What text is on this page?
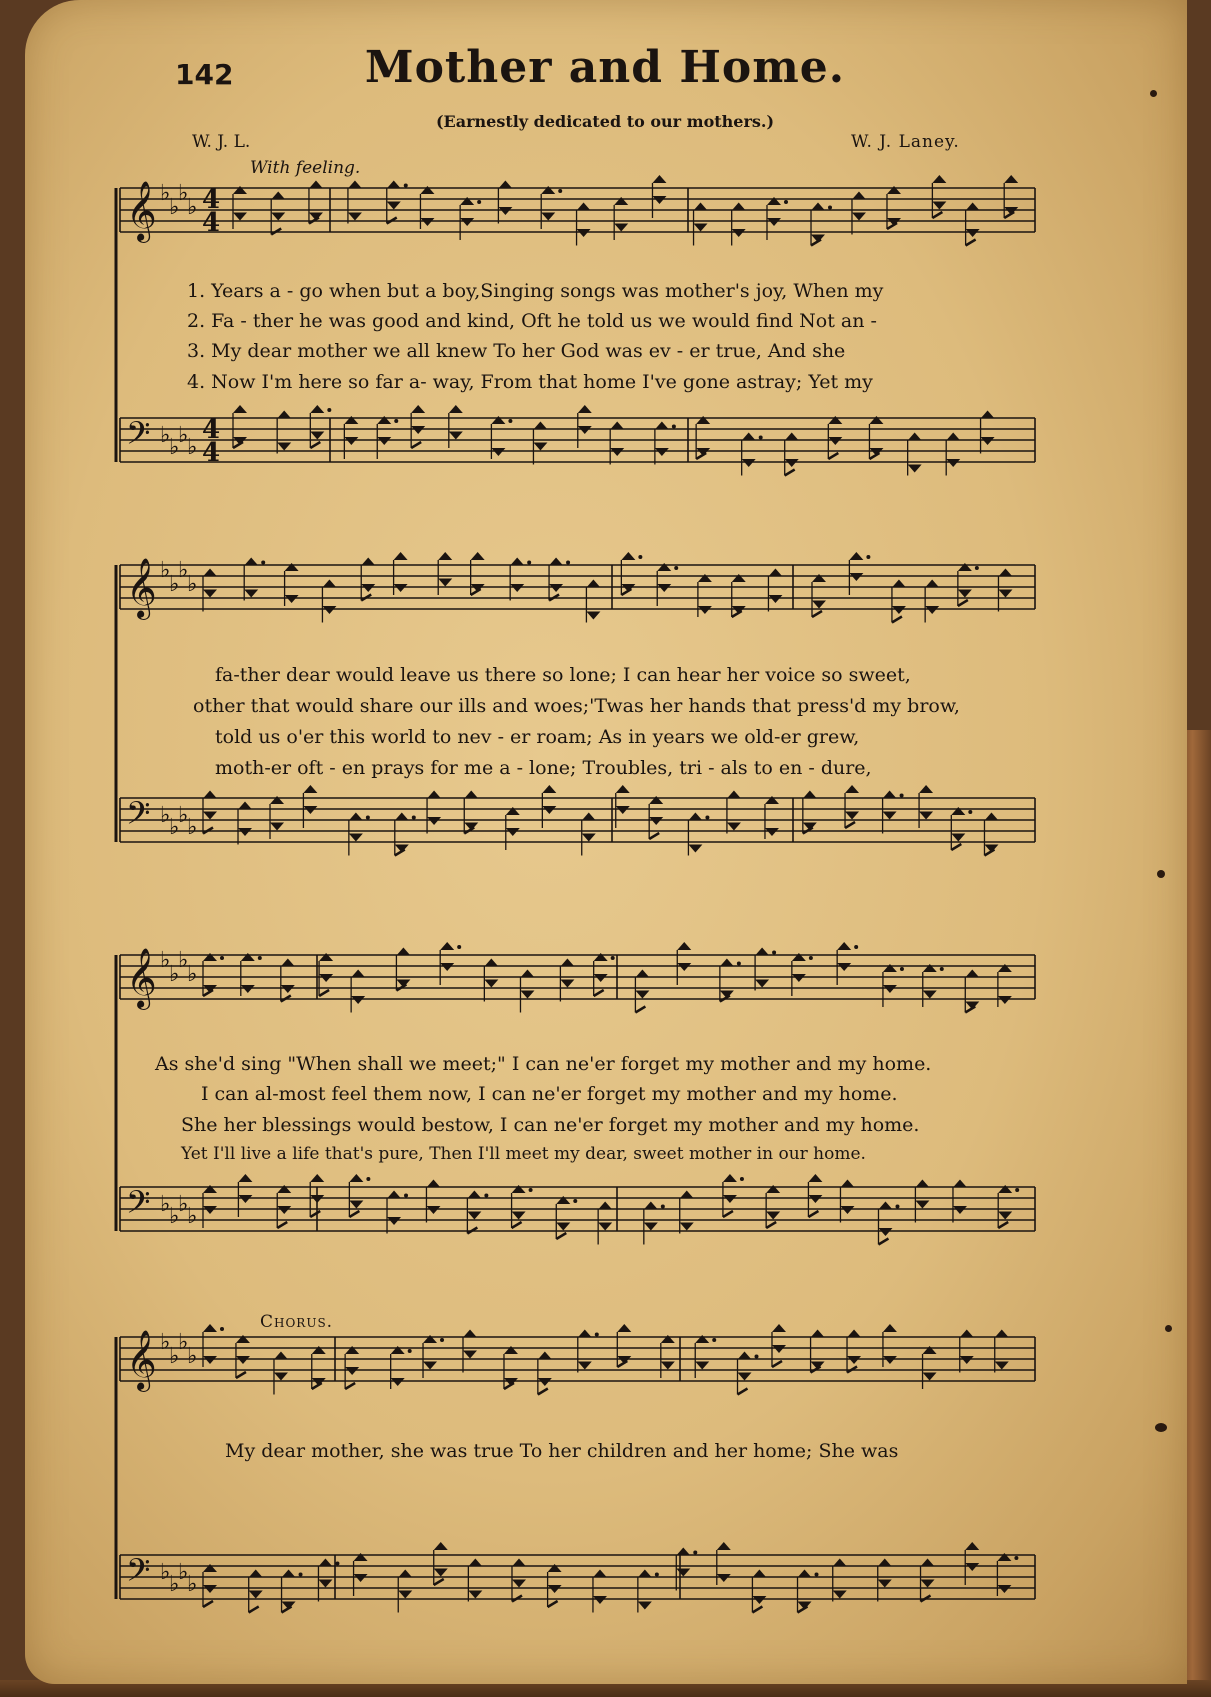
142	Mother and Home.
(Earnestly dedicated to our mothers.)
W. J. L.	W. J. Laney.
With feeling.
Chorus.
𝄞 ♭
♭
♭
♭
𝄢 ♭
♭
♭
♭
𝄞 ♭
♭
♭
♭
𝄢 ♭
♭
♭
♭
𝄞 ♭
♭
♭
♭
𝄢 ♭
♭
♭
♭
𝄞 ♭
♭
♭
♭
𝄢 ♭
♭
♭
♭
4
4
4
4
1. Years a - go when but a boy,Singing songs was mother's joy, When my
2. Fa - ther he was good and kind, Oft he told us we would find Not an -
3. My dear mother we all knew To her God was ev - er true, And she
4. Now I'm here so far a- way, From that home I've gone astray; Yet my
fa-ther dear would leave us there so lone; I can hear her voice so sweet,
other that would share our ills and woes;'Twas her hands that press'd my brow,
told us o'er this world to nev - er roam; As in years we old-er grew,
moth-er oft - en prays for me a - lone; Troubles, tri - als to en - dure,
As she'd sing "When shall we meet;" I can ne'er forget my mother and my home.
I can al-most feel them now, I can ne'er forget my mother and my home.
She her blessings would bestow, I can ne'er forget my mother and my home.
Yet I'll live a life that's pure, Then I'll meet my dear, sweet mother in our home.
My dear mother, she was true To her children and her home; She was
